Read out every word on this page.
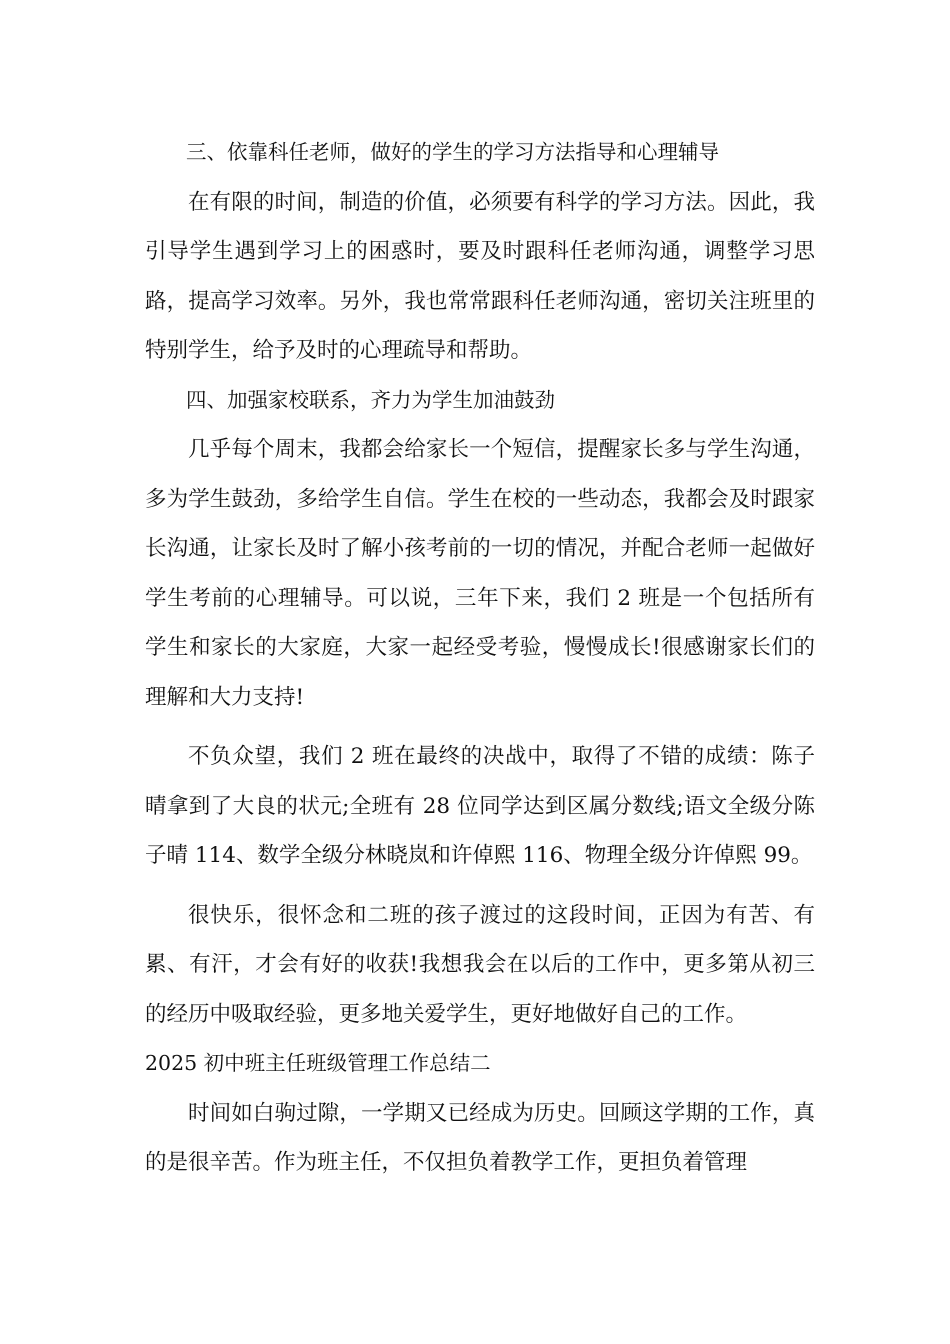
三、依靠科任老师，做好的学生的学习方法指导和心理辅导

在有限的时间，制造的价值，必须要有科学的学习方法。因此，我引导学生遇到学习上的困惑时，要及时跟科任老师沟通，调整学习思路，提高学习效率。另外，我也常常跟科任老师沟通，密切关注班里的特别学生，给予及时的心理疏导和帮助。

四、加强家校联系，齐力为学生加油鼓劲

几乎每个周末，我都会给家长一个短信，提醒家长多与学生沟通，多为学生鼓劲，多给学生自信。学生在校的一些动态，我都会及时跟家长沟通，让家长及时了解小孩考前的一切的情况，并配合老师一起做好学生考前的心理辅导。可以说，三年下来，我们 2 班是一个包括所有学生和家长的大家庭，大家一起经受考验，慢慢成长!很感谢家长们的理解和大力支持!

不负众望，我们 2 班在最终的决战中，取得了不错的成绩：陈子晴拿到了大良的状元;全班有 28 位同学达到区属分数线;语文全级分陈子晴 114、数学全级分林晓岚和许倬熙 116、物理全级分许倬熙 99。

很快乐，很怀念和二班的孩子渡过的这段时间，正因为有苦、有累、有汗，才会有好的收获!我想我会在以后的工作中，更多第从初三的经历中吸取经验，更多地关爱学生，更好地做好自己的工作。

2025 初中班主任班级管理工作总结二

时间如白驹过隙，一学期又已经成为历史。回顾这学期的工作，真的是很辛苦。作为班主任，不仅担负着教学工作，更担负着管理
